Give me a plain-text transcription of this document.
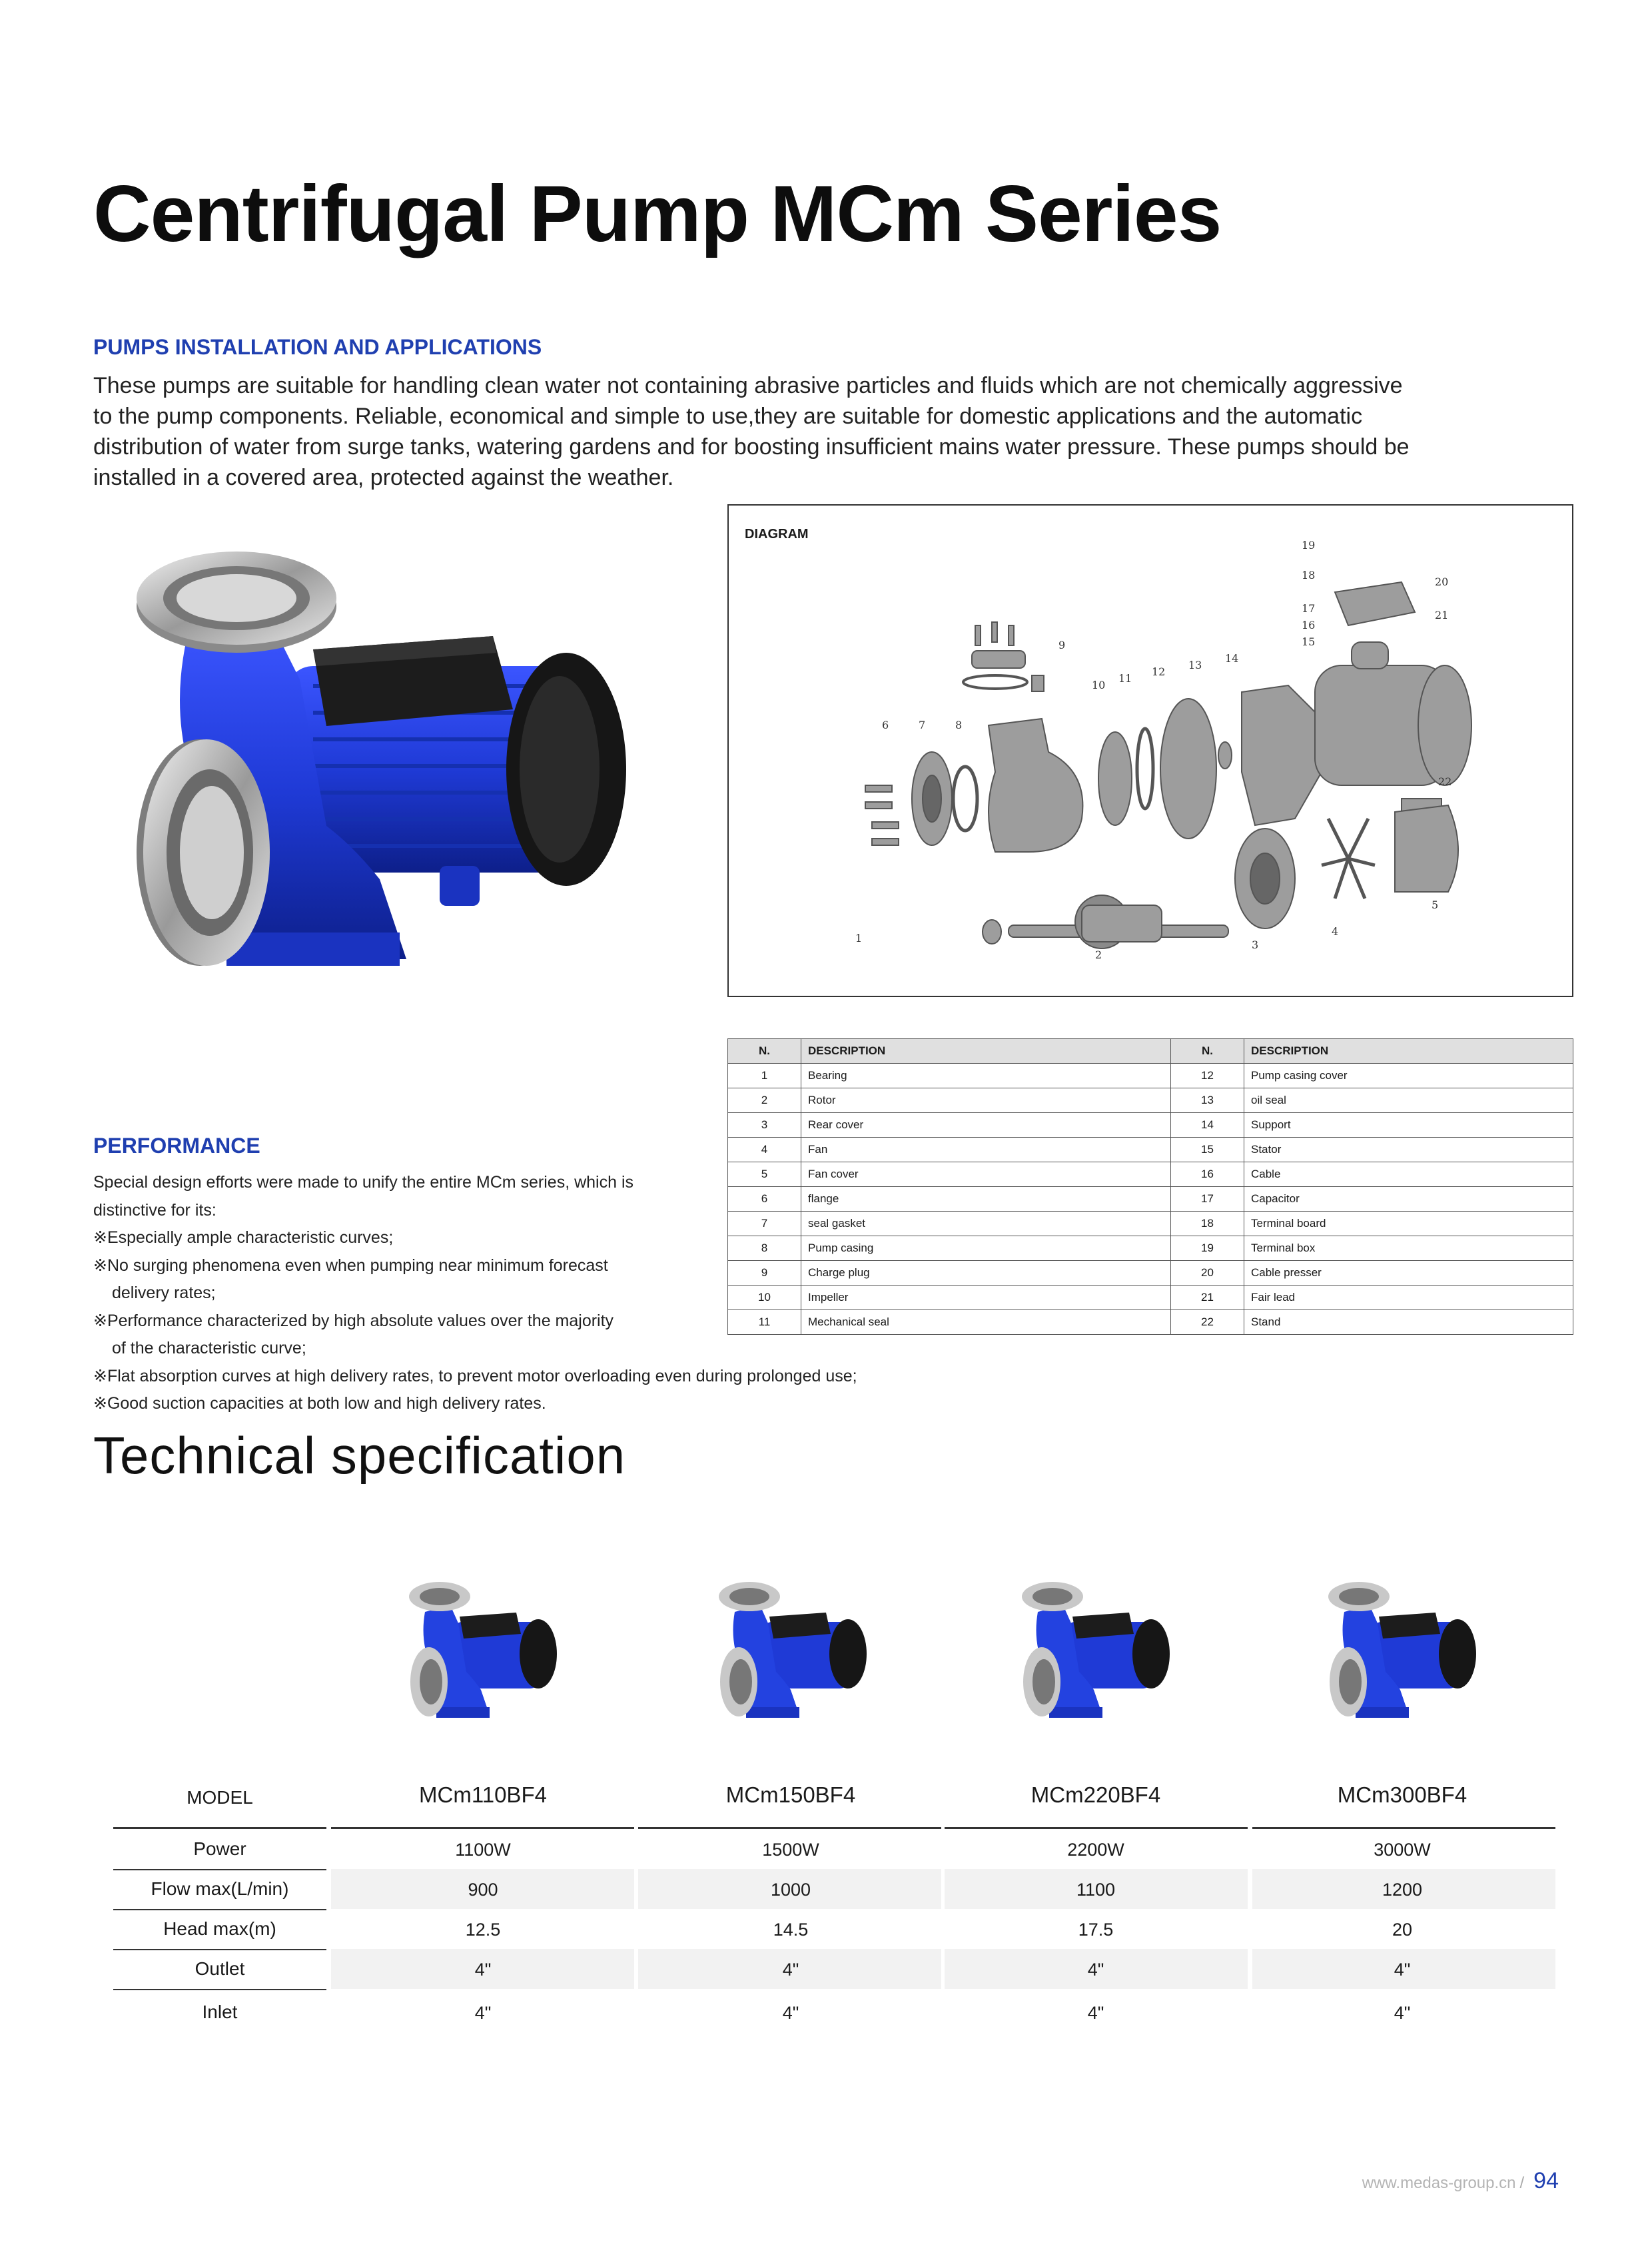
Centrifugal Pump MCm Series
PUMPS INSTALLATION AND APPLICATIONS
These pumps are suitable for handling clean water not containing abrasive particles and fluids which are not chemically aggressive
to the pump components. Reliable, economical and simple to use,they are suitable for domestic applications and the automatic
distribution of water from surge tanks, watering gardens and for boosting insufficient mains water pressure. These pumps should be
installed in a covered area, protected against the weather.
DIAGRAM
1
2
3
4
5
6	7	8
9
10
11
12
13
14
15
16
17
18
19
20
21
22
N.	DESCRIPTION	N.	DESCRIPTION
1	Bearing	12	Pump casing cover
2	Rotor	13	oil seal
3	Rear cover	14	Support
4	Fan	15	Stator
5	Fan cover	16	Cable
6	flange	17	Capacitor
7	seal gasket	18	Terminal board
8	Pump casing	19	Terminal box
9	Charge plug	20	Cable presser
10	Impeller	21	Fair lead
11	Mechanical seal	22	Stand
PERFORMANCE
Special design efforts were made to unify the entire MCm series, which is
distinctive for its:
※Especially ample characteristic curves;
※No surging phenomena even when pumping near minimum forecast
delivery rates;
※Performance characterized by high absolute values over the majority
of the characteristic curve;
※Flat absorption curves at high delivery rates, to prevent motor overloading even during prolonged use;
※Good suction capacities at both low and high delivery rates.
Technical specification
MODEL	MCm110BF4	MCm150BF4	MCm220BF4	MCm300BF4
Power	1100W	1500W	2200W	3000W
Flow max(L/min)	900	1000	1100	1200
Head max(m)	12.5	14.5	17.5	20
Outlet	4"	4"	4"	4"
Inlet	4"	4"	4"	4"
www.medas-group.cn / 94
